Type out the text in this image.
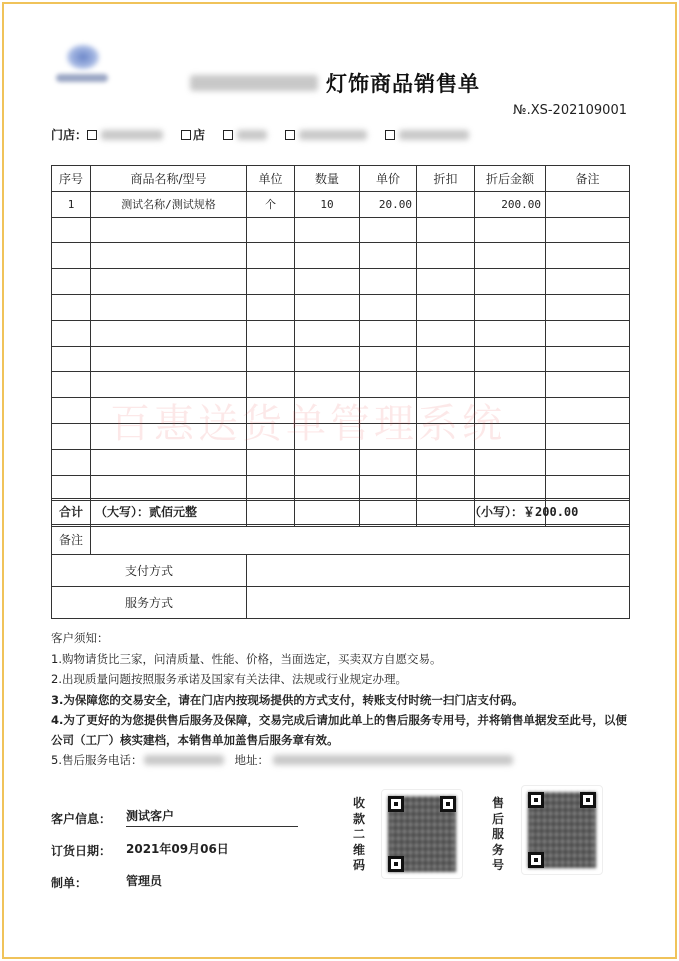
灯饰商品销售单
№.XS-202109001
门店：	店
序号	商品名称/型号	单位	数量	单价	折扣	折后金额	备注
1	测试名称/测试规格	个	10	20.00		200.00	

百惠送货单管理系统
合计	（大写）：贰佰元整		（小写）：￥200.00
备注			
支付方式			
服务方式			
客户须知：
1.购物请货比三家，问清质量、性能、价格，当面选定，买卖双方自愿交易。
2.出现质量问题按照服务承诺及国家有关法律、法规或行业规定办理。
3.为保障您的交易安全，请在门店内按现场提供的方式支付，转账支付时统一扫门店支付码。
4.为了更好的为您提供售后服务及保障，交易完成后请加此单上的售后服务专用号，并将销售单据发至此号，以便公司（工厂）核实建档，本销售单加盖售后服务章有效。
5.售后服务电话：	地址：
客户信息：	测试客户
订货日期：	2021年09月06日
制单：	管理员
收款二维码
售后服务号
